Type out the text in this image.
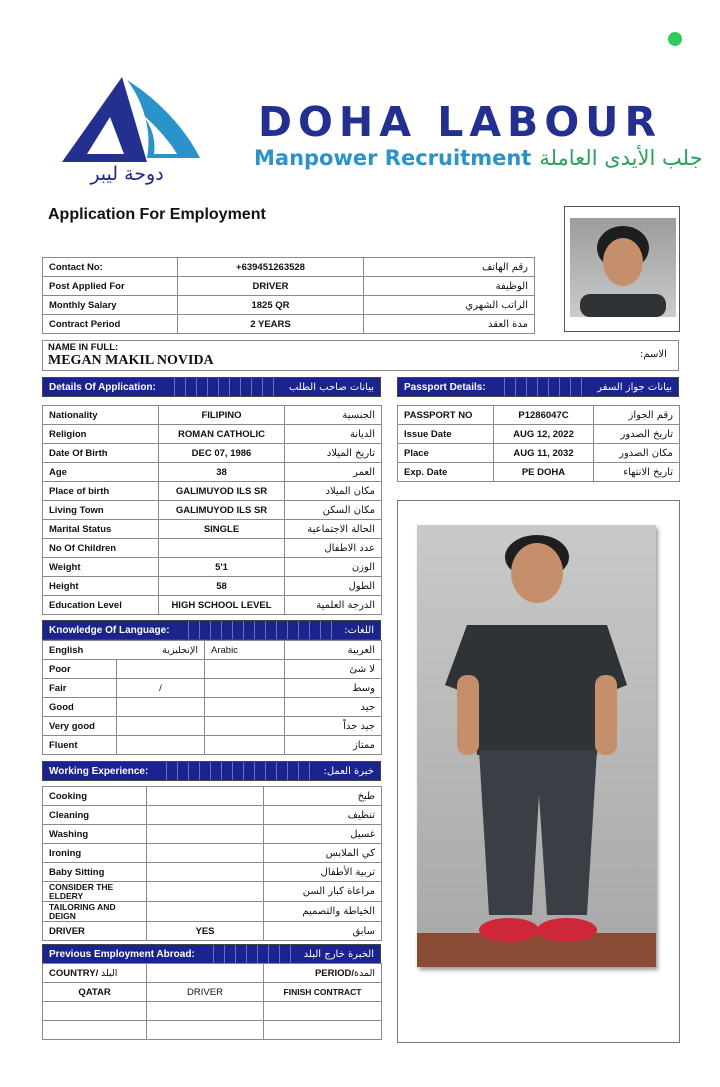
دوحة ليبر
DOHA LABOUR
Manpower Recruitment جلب الأيدى العاملة
Application For Employment
Contact No:	+639451263528	رقم الهاتف
Post Applied For	DRIVER	الوظيفة
Monthly Salary	1825 QR	الراتب الشهري
Contract Period	2 YEARS	مدة العقد
NAME IN FULL:
MEGAN MAKIL NOVIDA	الاسم:
Details Of Application:	بيانات صاحب الطلب
Nationality	FILIPINO	الجنسية
Religion	ROMAN CATHOLIC	الديانة
Date Of Birth	DEC 07, 1986	تاريخ الميلاد
Age	38	العمر
Place of birth	GALIMUYOD ILS SR	مكان الميلاد
Living Town	GALIMUYOD ILS SR	مكان السكن
Marital Status	SINGLE	الحالة الاجتماعية
No Of Children		عدد الاطفال
Weight	5'1	الوزن
Height	58	الطول
Education Level	HIGH SCHOOL LEVEL	الدرجة العلمية
Passport Details:	بيانات جواز السفر
PASSPORT NO	P1286047C	رقم الجواز
Issue Date	AUG 12, 2022	تاريخ الصدور
Place	AUG 11, 2032	مكان الصدور
Exp. Date	PE DOHA	تاريخ الانتهاء
Knowledge Of Language:	اللغات:
English الإنجليزية		Arabic	العربية
Poor			لا شئ
Fair	/		وسط
Good			جيد
Very good			جيد جداً
Fluent			ممتاز
Working Experience:	خبرة العمل:
Cooking		طبخ
Cleaning		تنظيف
Washing		غسيل
Ironing		كي الملابس
Baby Sitting		تربية الأطفال
CONSIDER THE ELDERY		مراعاة كبار السن
TAILORING AND DEIGN		الخياطة والتصميم
DRIVER	YES	سابق
Previous Employment Abroad:	الخبرة خارج البلد
COUNTRY/ البلد		PERIOD/المدة
QATAR	DRIVER	FINISH CONTRACT
